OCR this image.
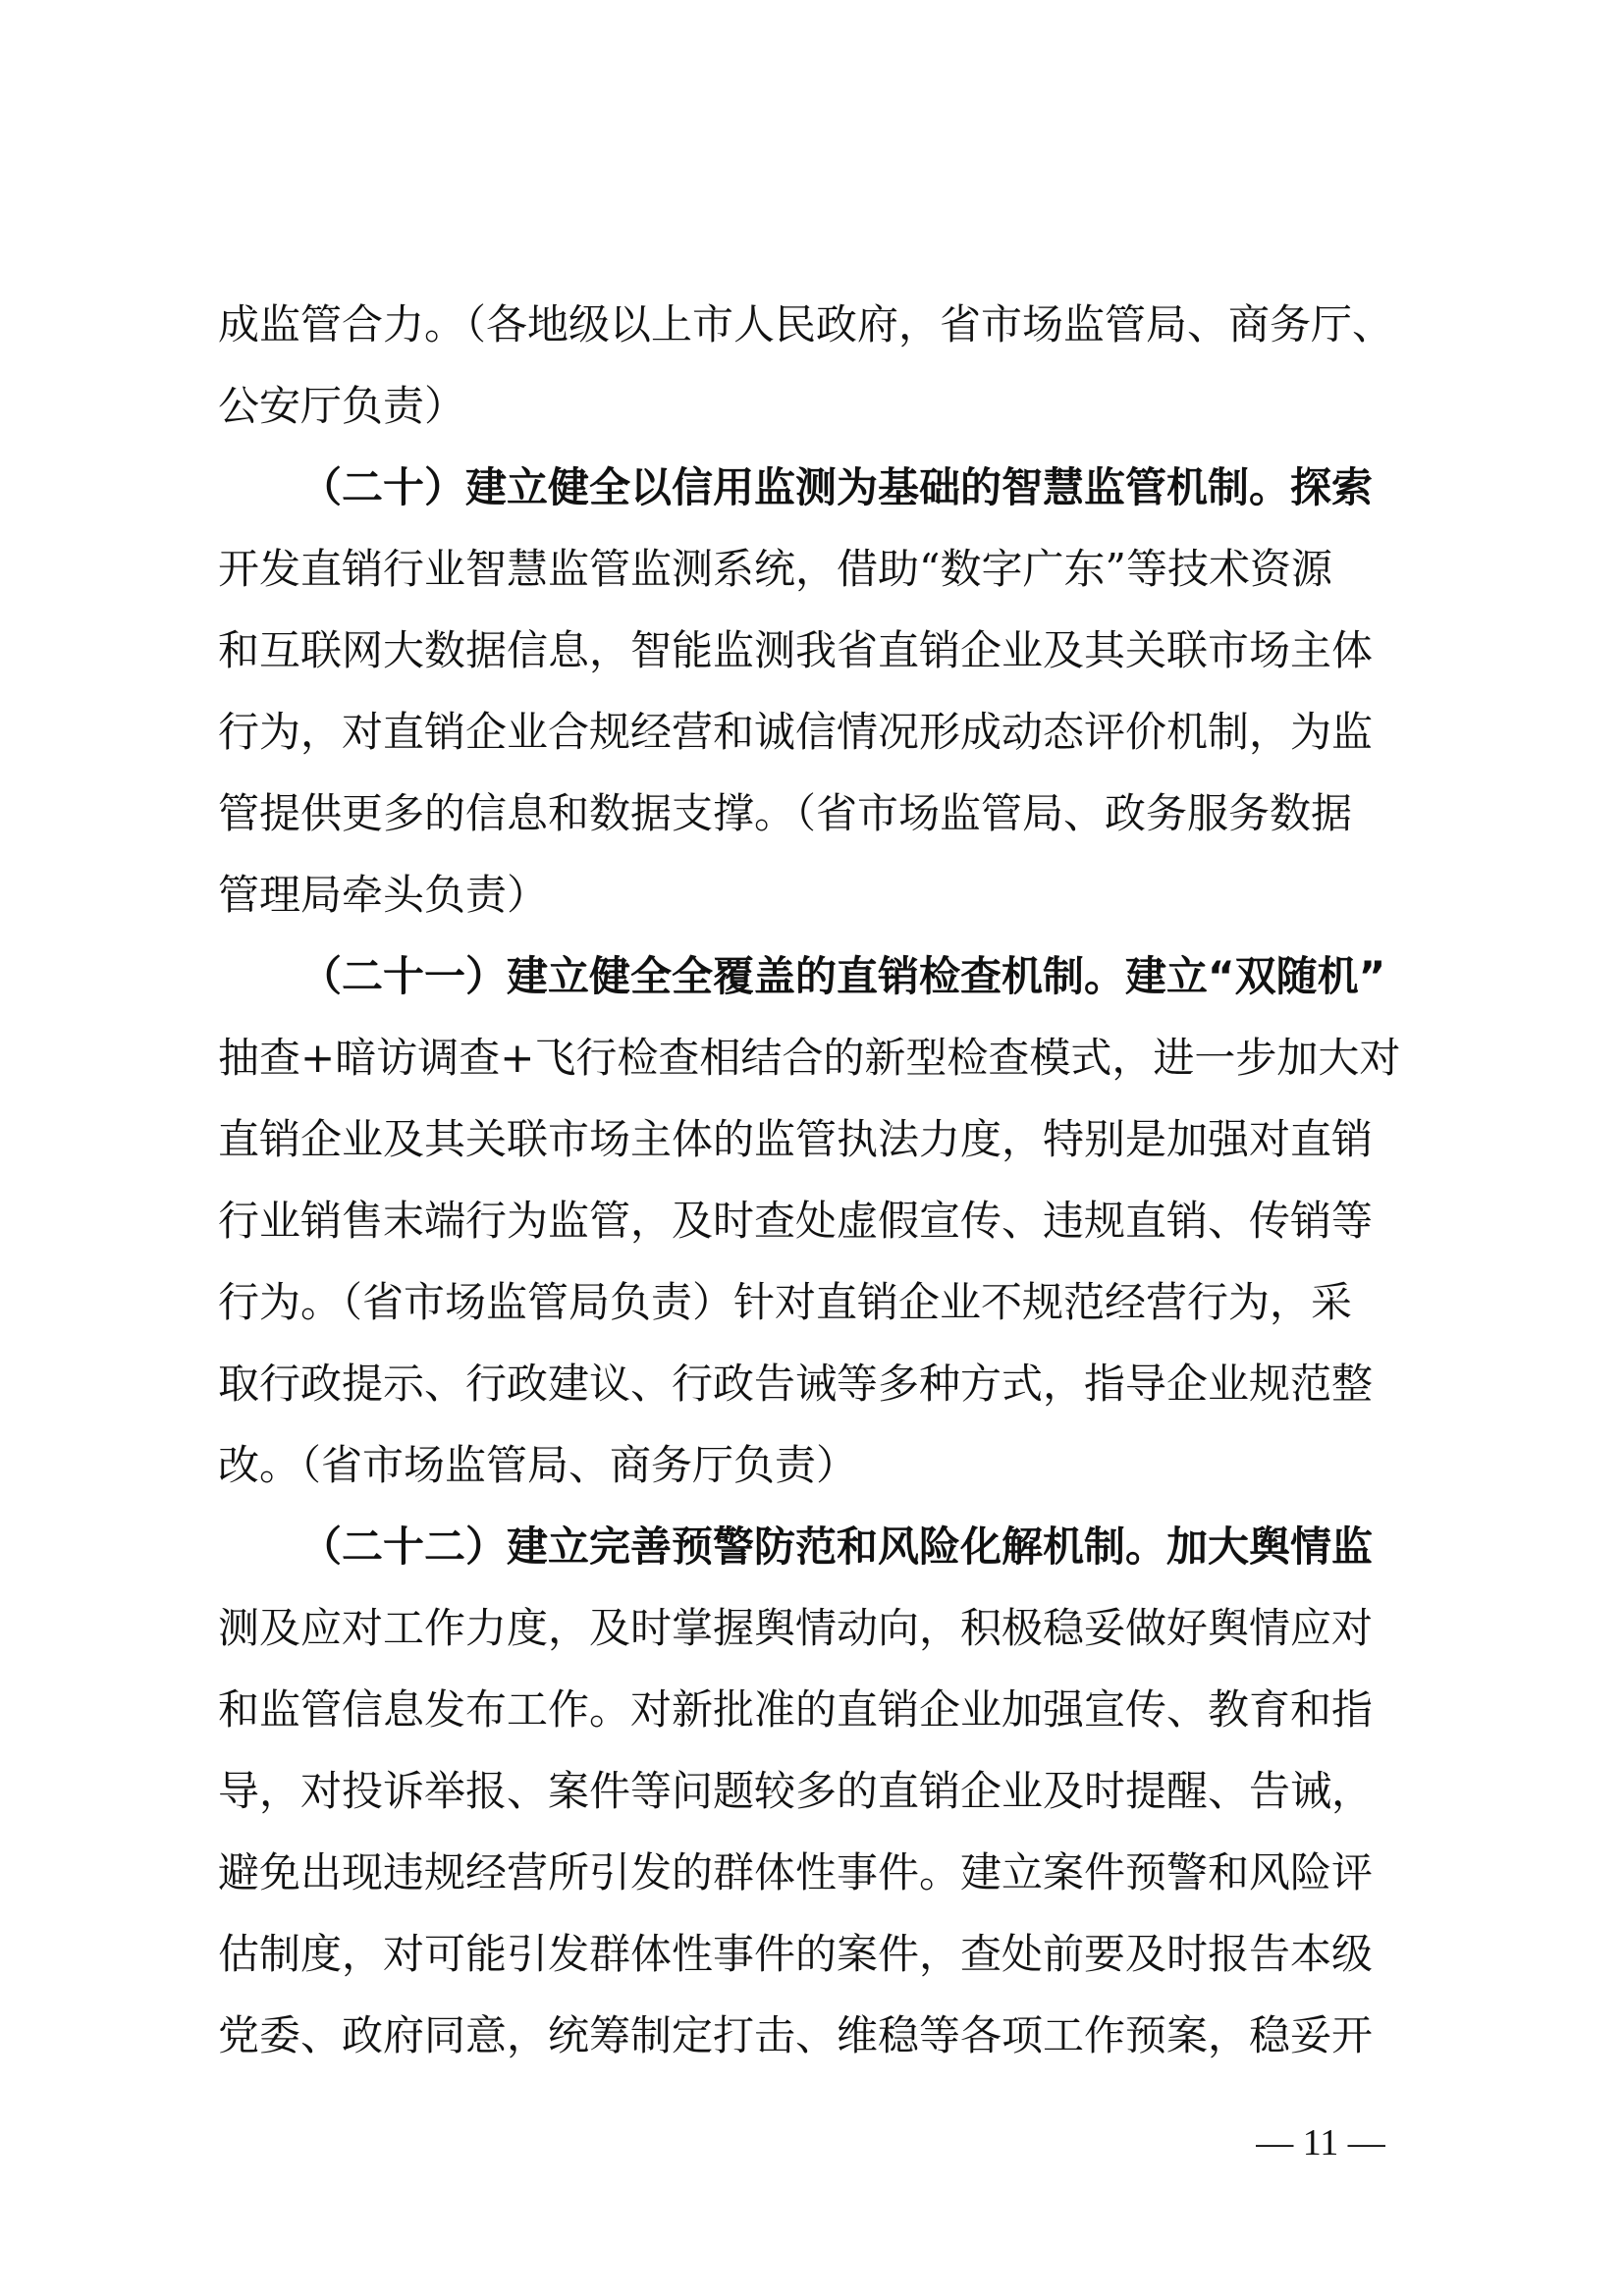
成监管合力。（各地级以上市人民政府，省市场监管局、商务厅、
公安厅负责）
（二十）建立健全以信用监测为基础的智慧监管机制。探索
开发直销行业智慧监管监测系统，借助“数字广东”等技术资源
和互联网大数据信息，智能监测我省直销企业及其关联市场主体
行为，对直销企业合规经营和诚信情况形成动态评价机制，为监
管提供更多的信息和数据支撑。（省市场监管局、政务服务数据
管理局牵头负责）
（二十一）建立健全全覆盖的直销检查机制。建立“双随机”
抽查+暗访调查+飞行检查相结合的新型检查模式，进一步加大对
直销企业及其关联市场主体的监管执法力度，特别是加强对直销
行业销售末端行为监管，及时查处虚假宣传、违规直销、传销等
行为。（省市场监管局负责）针对直销企业不规范经营行为，采
取行政提示、行政建议、行政告诫等多种方式，指导企业规范整
改。（省市场监管局、商务厅负责）
（二十二）建立完善预警防范和风险化解机制。加大舆情监
测及应对工作力度，及时掌握舆情动向，积极稳妥做好舆情应对
和监管信息发布工作。对新批准的直销企业加强宣传、教育和指
导，对投诉举报、案件等问题较多的直销企业及时提醒、告诫，
避免出现违规经营所引发的群体性事件。建立案件预警和风险评
估制度，对可能引发群体性事件的案件，查处前要及时报告本级
党委、政府同意，统筹制定打击、维稳等各项工作预案，稳妥开
— 11 —
